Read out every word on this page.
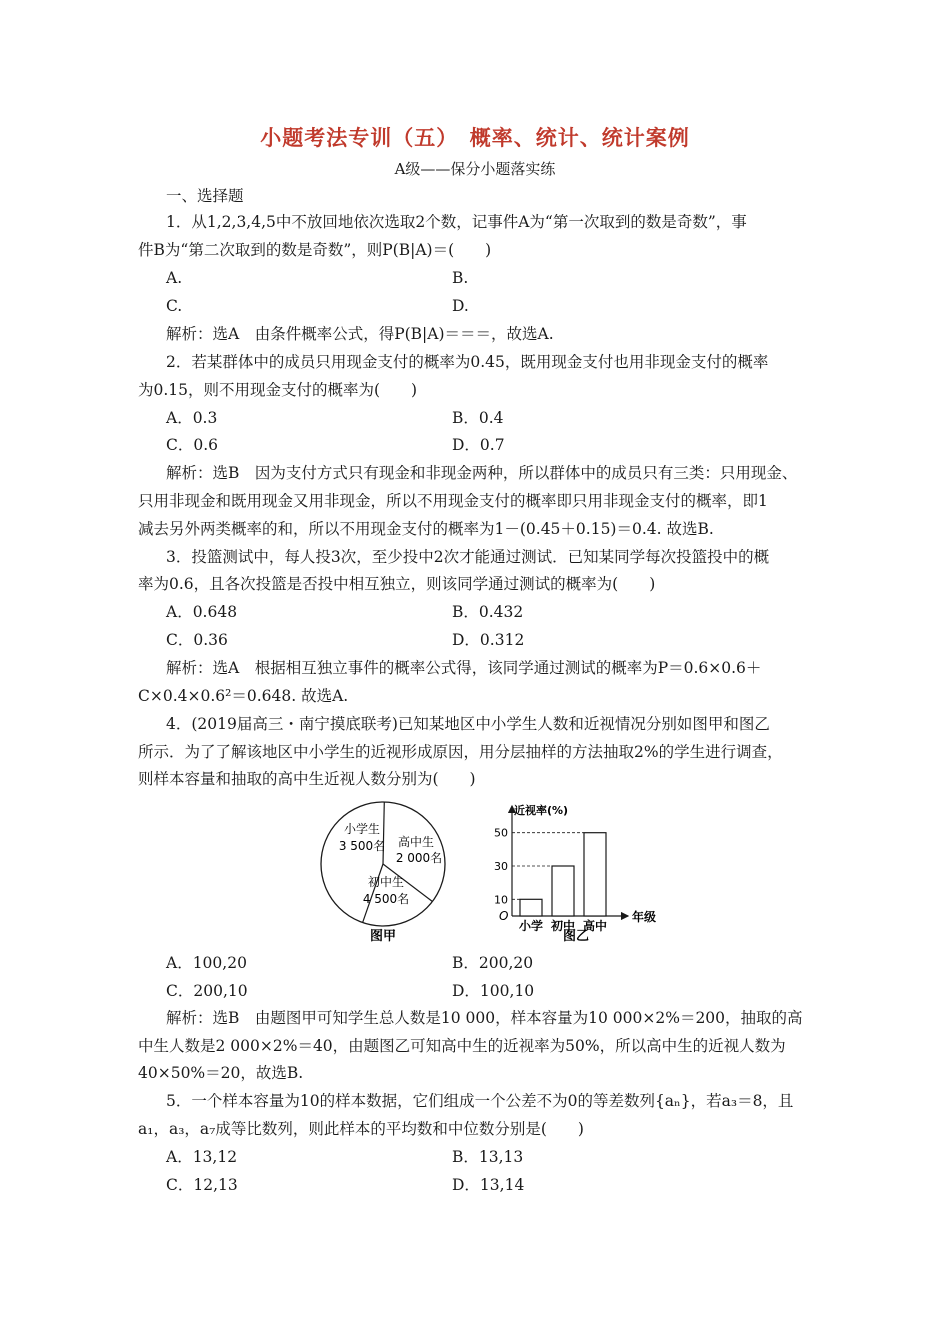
小题考法专训（五）　概率、统计、统计案例
A级——保分小题落实练
一、选择题
1．从1,2,3,4,5中不放回地依次选取2个数，记事件A为“第一次取到的数是奇数”，事
件B为“第二次取到的数是奇数”，则P(B|A)＝(　　)
A.	B.
C.	D.
解析：选A　由条件概率公式，得P(B|A)＝＝＝，故选A.
2．若某群体中的成员只用现金支付的概率为0.45，既用现金支付也用非现金支付的概率
为0.15，则不用现金支付的概率为(　　)
A．0.3	B．0.4
C．0.6	D．0.7
解析：选B　因为支付方式只有现金和非现金两种，所以群体中的成员只有三类：只用现金、
只用非现金和既用现金又用非现金，所以不用现金支付的概率即只用非现金支付的概率，即1
减去另外两类概率的和，所以不用现金支付的概率为1－(0.45＋0.15)＝0.4. 故选B.
3．投篮测试中，每人投3次，至少投中2次才能通过测试．已知某同学每次投篮投中的概
率为0.6，且各次投篮是否投中相互独立，则该同学通过测试的概率为(　　)
A．0.648	B．0.432
C．0.36	D．0.312
解析：选A　根据相互独立事件的概率公式得，该同学通过测试的概率为P＝0.6×0.6＋
C×0.4×0.6²＝0.648. 故选A.
4．(2019届高三・南宁摸底联考)已知某地区中小学生人数和近视情况分别如图甲和图乙
所示．为了了解该地区中小学生的近视形成原因，用分层抽样的方法抽取2%的学生进行调查，
则样本容量和抽取的高中生近视人数分别为(　　)
小学生
3 500名 高中生
2 000名
初中生
4 500名
图甲
近视率(%)
年级
O
10
30
50
小学 初中 高中
图乙
A．100,20	B．200,20
C．200,10	D．100,10
解析：选B　由题图甲可知学生总人数是10 000，样本容量为10 000×2%＝200，抽取的高
中生人数是2 000×2%＝40，由题图乙可知高中生的近视率为50%，所以高中生的近视人数为
40×50%＝20，故选B.
5．一个样本容量为10的样本数据，它们组成一个公差不为0的等差数列{aₙ}，若a₃＝8，且
a₁，a₃，a₇成等比数列，则此样本的平均数和中位数分别是(　　)
A．13,12	B．13,13
C．12,13	D．13,14
